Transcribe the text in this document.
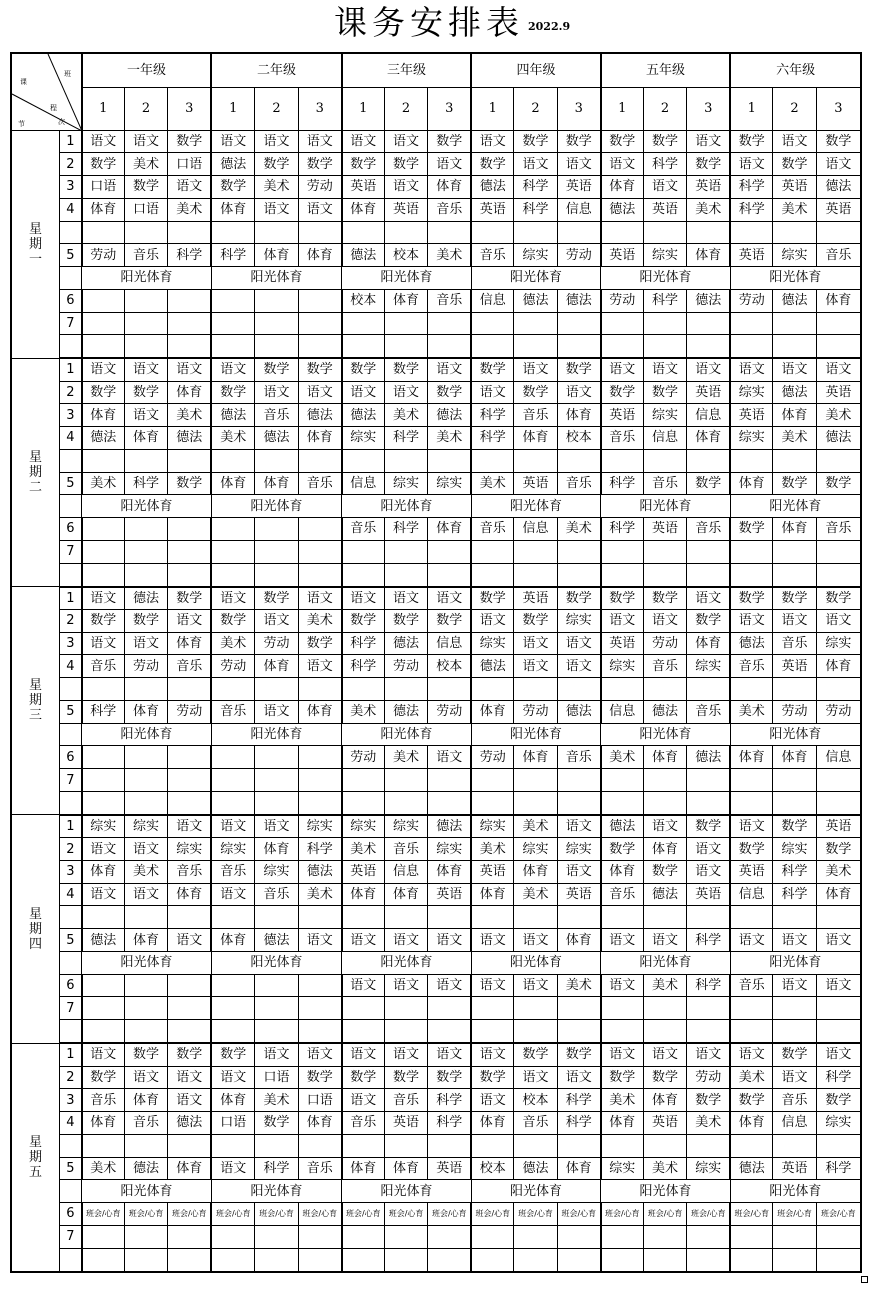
课务安排表 2022.9
班
课
程
节 次		一年级			二年级			三年级			四年级			五年级			六年级		
		1	2	3	1	2	3	1	2	3	1	2	3	1	2	3	1	2	3
星期一	1	语文	语文	数学	语文	语文	语文	语文	语文	数学	语文	数学	数学	数学	数学	语文	数学	语文	数学
	2	数学	美术	口语	德法	数学	数学	数学	数学	语文	数学	语文	语文	语文	科学	数学	语文	数学	语文
	3	口语	数学	语文	数学	美术	劳动	英语	语文	体育	德法	科学	英语	体育	语文	英语	科学	英语	德法
	4	体育	口语	美术	体育	语文	语文	体育	英语	音乐	英语	科学	信息	德法	英语	美术	科学	美术	英语

	5	劳动	音乐	科学	科学	体育	体育	德法	校本	美术	音乐	综实	劳动	英语	综实	体育	英语	综实	音乐
		阳光体育			阳光体育			阳光体育			阳光体育			阳光体育			阳光体育		
	6							校本	体育	音乐	信息	德法	德法	劳动	科学	德法	劳动	德法	体育
	7																		

星期二	1	语文	语文	语文	语文	数学	数学	数学	数学	语文	数学	语文	数学	语文	语文	语文	语文	语文	语文
	2	数学	数学	体育	数学	语文	语文	语文	语文	数学	语文	数学	语文	数学	数学	英语	综实	德法	英语
	3	体育	语文	美术	德法	音乐	德法	德法	美术	德法	科学	音乐	体育	英语	综实	信息	英语	体育	美术
	4	德法	体育	德法	美术	德法	体育	综实	科学	美术	科学	体育	校本	音乐	信息	体育	综实	美术	德法

	5	美术	科学	数学	体育	体育	音乐	信息	综实	综实	美术	英语	音乐	科学	音乐	数学	体育	数学	数学
		阳光体育			阳光体育			阳光体育			阳光体育			阳光体育			阳光体育		
	6							音乐	科学	体育	音乐	信息	美术	科学	英语	音乐	数学	体育	音乐
	7																		

星期三	1	语文	德法	数学	语文	数学	语文	语文	语文	语文	数学	英语	数学	数学	数学	语文	数学	数学	数学
	2	数学	数学	语文	数学	语文	美术	数学	数学	数学	语文	数学	综实	语文	语文	数学	语文	语文	语文
	3	语文	语文	体育	美术	劳动	数学	科学	德法	信息	综实	语文	语文	英语	劳动	体育	德法	音乐	综实
	4	音乐	劳动	音乐	劳动	体育	语文	科学	劳动	校本	德法	语文	语文	综实	音乐	综实	音乐	英语	体育

	5	科学	体育	劳动	音乐	语文	体育	美术	德法	劳动	体育	劳动	德法	信息	德法	音乐	美术	劳动	劳动
		阳光体育			阳光体育			阳光体育			阳光体育			阳光体育			阳光体育		
	6							劳动	美术	语文	劳动	体育	音乐	美术	体育	德法	体育	体育	信息
	7																		

星期四	1	综实	综实	语文	语文	语文	综实	综实	综实	德法	综实	美术	语文	德法	语文	数学	语文	数学	英语
	2	语文	语文	综实	综实	体育	科学	美术	音乐	综实	美术	综实	综实	数学	体育	语文	数学	综实	数学
	3	体育	美术	音乐	音乐	综实	德法	英语	信息	体育	英语	体育	语文	体育	数学	语文	英语	科学	美术
	4	语文	语文	体育	语文	音乐	美术	体育	体育	英语	体育	美术	英语	音乐	德法	英语	信息	科学	体育

	5	德法	体育	语文	体育	德法	语文	语文	语文	语文	语文	语文	体育	语文	语文	科学	语文	语文	语文
		阳光体育			阳光体育			阳光体育			阳光体育			阳光体育			阳光体育		
	6							语文	语文	语文	语文	语文	美术	语文	美术	科学	音乐	语文	语文
	7																		

星期五	1	语文	数学	数学	数学	语文	语文	语文	语文	语文	语文	数学	数学	语文	语文	语文	语文	数学	语文
	2	数学	语文	语文	语文	口语	数学	数学	数学	数学	数学	语文	语文	数学	数学	劳动	美术	语文	科学
	3	音乐	体育	语文	体育	美术	口语	语文	音乐	科学	语文	校本	科学	美术	体育	数学	数学	音乐	数学
	4	体育	音乐	德法	口语	数学	体育	音乐	英语	科学	体育	音乐	科学	体育	英语	美术	体育	信息	综实

	5	美术	德法	体育	语文	科学	音乐	体育	体育	英语	校本	德法	体育	综实	美术	综实	德法	英语	科学
		阳光体育			阳光体育			阳光体育			阳光体育			阳光体育			阳光体育		
	6	班会/心育	班会/心育	班会/心育	班会/心育	班会/心育	班会/心育	班会/心育	班会/心育	班会/心育	班会/心育	班会/心育	班会/心育	班会/心育	班会/心育	班会/心育	班会/心育	班会/心育	班会/心育
	7																		
